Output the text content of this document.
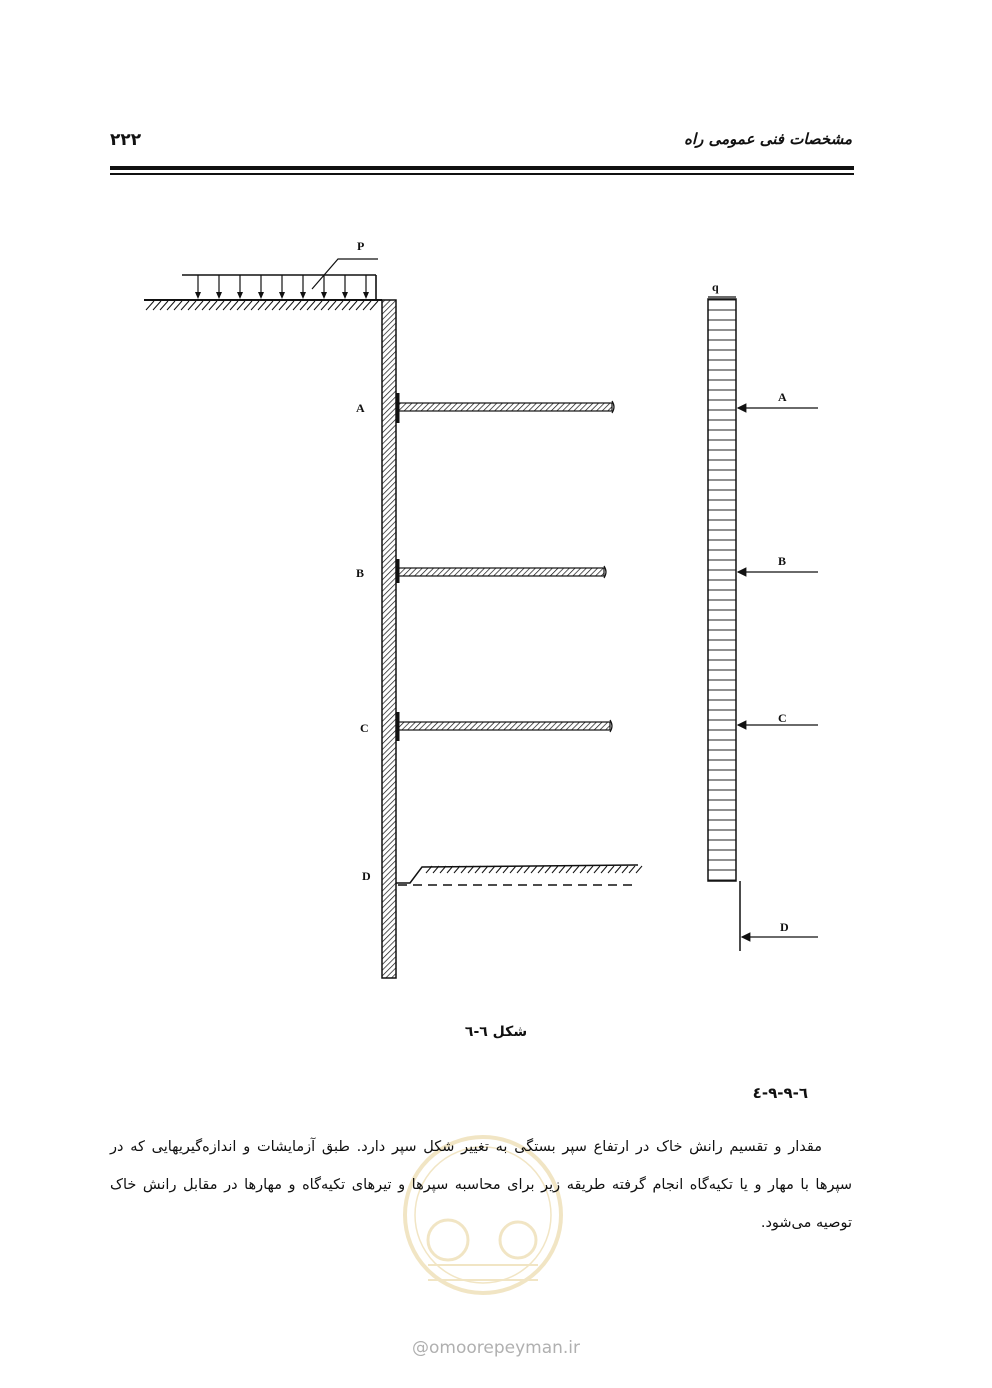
مشخصات فنی عمومی راه
۲۲۲
P
A
B
C
D
q
A
B
C
D
شکل ٦-٦
٦-٩-٩-٤
مقدار و تقسیم رانش خاک در ارتفاع سپر بستگی به تغییر شکل سپر دارد. طبق آزمایشات و اندازه‌گیریهایی که در سپرها با مهار و یا تکیه‌گاه انجام گرفته طریقه زیر برای محاسبه سپرها و تیرهای تکیه‌گاه و مهارها در مقابل رانش خاک توصیه می‌شود.
@omoorepeyman.ir
